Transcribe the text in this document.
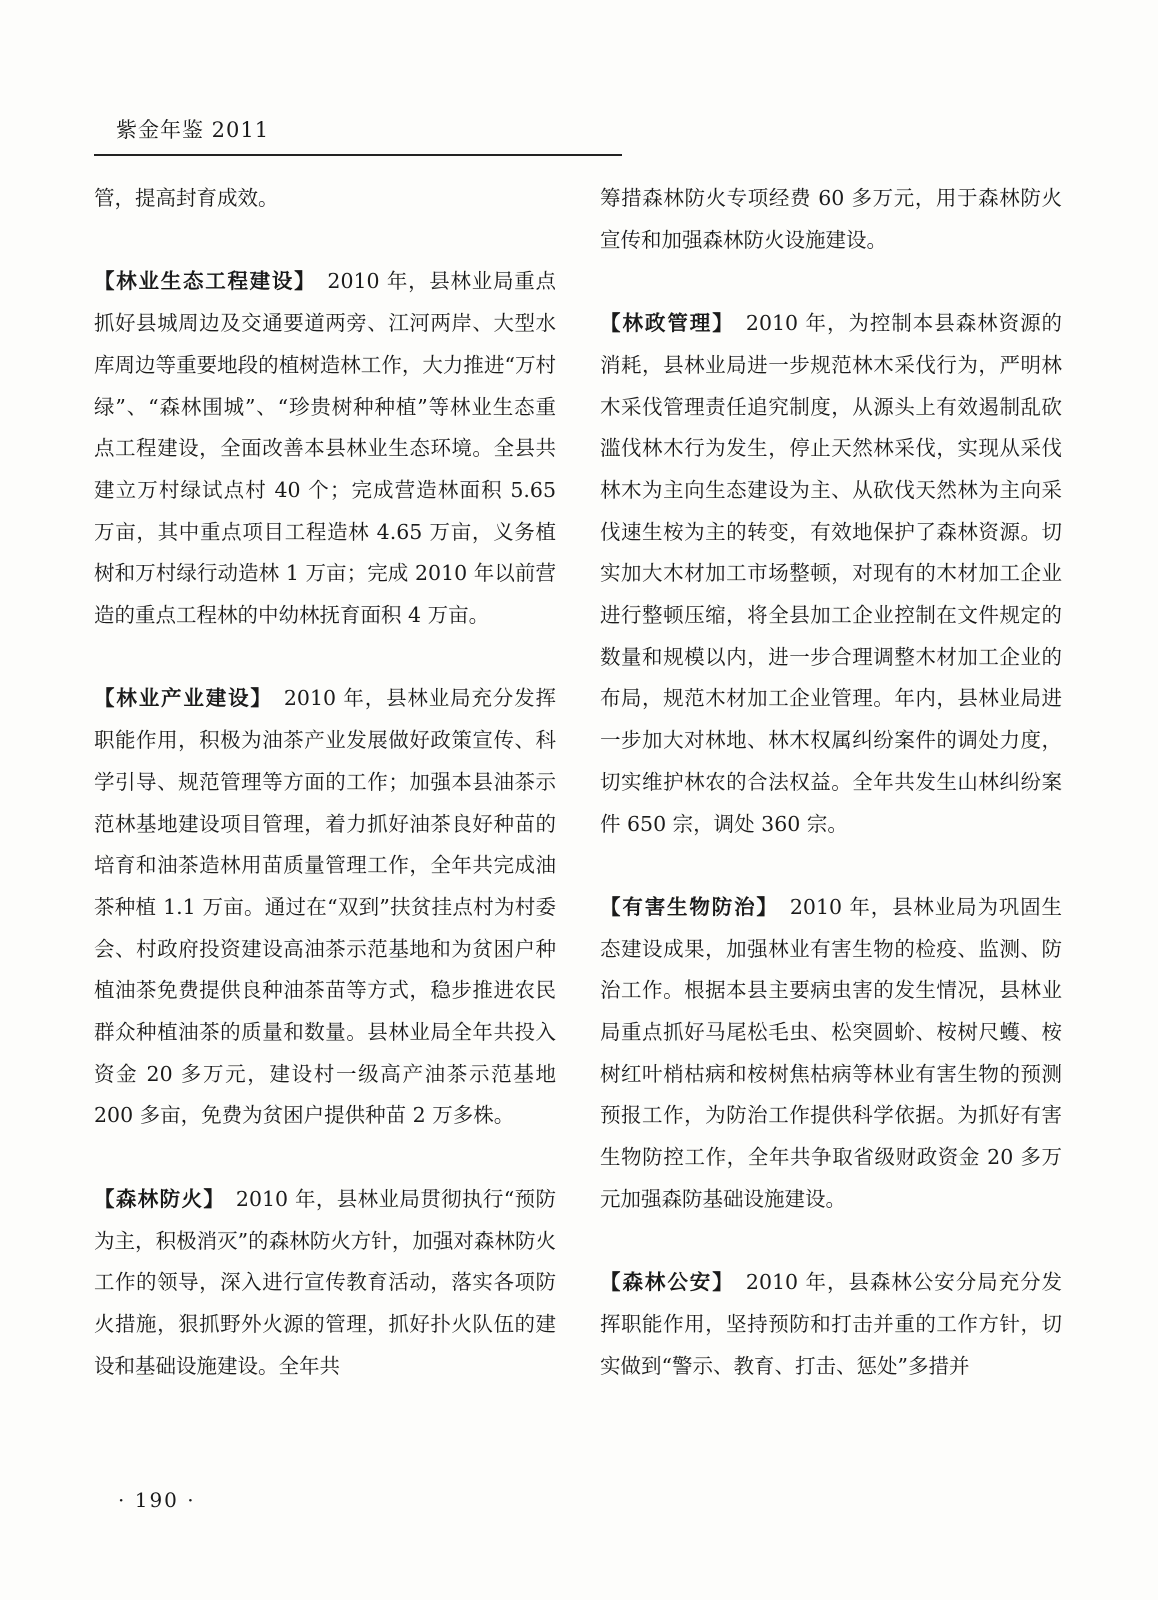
紫金年鉴 2011

管，提高封育成效。

【林业生态工程建设】　2010 年，县林业局重点抓好县城周边及交通要道两旁、江河两岸、大型水库周边等重要地段的植树造林工作，大力推进“万村绿”、“森林围城”、“珍贵树种种植”等林业生态重点工程建设，全面改善本县林业生态环境。全县共建立万村绿试点村 40 个；完成营造林面积 5.65 万亩，其中重点项目工程造林 4.65 万亩，义务植树和万村绿行动造林 1 万亩；完成 2010 年以前营造的重点工程林的中幼林抚育面积 4 万亩。

【林业产业建设】　2010 年，县林业局充分发挥职能作用，积极为油茶产业发展做好政策宣传、科学引导、规范管理等方面的工作；加强本县油茶示范林基地建设项目管理，着力抓好油茶良好种苗的培育和油茶造林用苗质量管理工作，全年共完成油茶种植 1.1 万亩。通过在“双到”扶贫挂点村为村委会、村政府投资建设高油茶示范基地和为贫困户种植油茶免费提供良种油茶苗等方式，稳步推进农民群众种植油茶的质量和数量。县林业局全年共投入资金 20 多万元，建设村一级高产油茶示范基地 200 多亩，免费为贫困户提供种苗 2 万多株。

【森林防火】　2010 年，县林业局贯彻执行“预防为主，积极消灭”的森林防火方针，加强对森林防火工作的领导，深入进行宣传教育活动，落实各项防火措施，狠抓野外火源的管理，抓好扑火队伍的建设和基础设施建设。全年共

筹措森林防火专项经费 60 多万元，用于森林防火宣传和加强森林防火设施建设。

【林政管理】　2010 年，为控制本县森林资源的消耗，县林业局进一步规范林木采伐行为，严明林木采伐管理责任追究制度，从源头上有效遏制乱砍滥伐林木行为发生，停止天然林采伐，实现从采伐林木为主向生态建设为主、从砍伐天然林为主向采伐速生桉为主的转变，有效地保护了森林资源。切实加大木材加工市场整顿，对现有的木材加工企业进行整顿压缩，将全县加工企业控制在文件规定的数量和规模以内，进一步合理调整木材加工企业的布局，规范木材加工企业管理。年内，县林业局进一步加大对林地、林木权属纠纷案件的调处力度，切实维护林农的合法权益。全年共发生山林纠纷案件 650 宗，调处 360 宗。

【有害生物防治】　2010 年，县林业局为巩固生态建设成果，加强林业有害生物的检疫、监测、防治工作。根据本县主要病虫害的发生情况，县林业局重点抓好马尾松毛虫、松突圆蚧、桉树尺蠖、桉树红叶梢枯病和桉树焦枯病等林业有害生物的预测预报工作，为防治工作提供科学依据。为抓好有害生物防控工作，全年共争取省级财政资金 20 多万元加强森防基础设施建设。

【森林公安】　2010 年，县森林公安分局充分发挥职能作用，坚持预防和打击并重的工作方针，切实做到“警示、教育、打击、惩处”多措并

· 190 ·
